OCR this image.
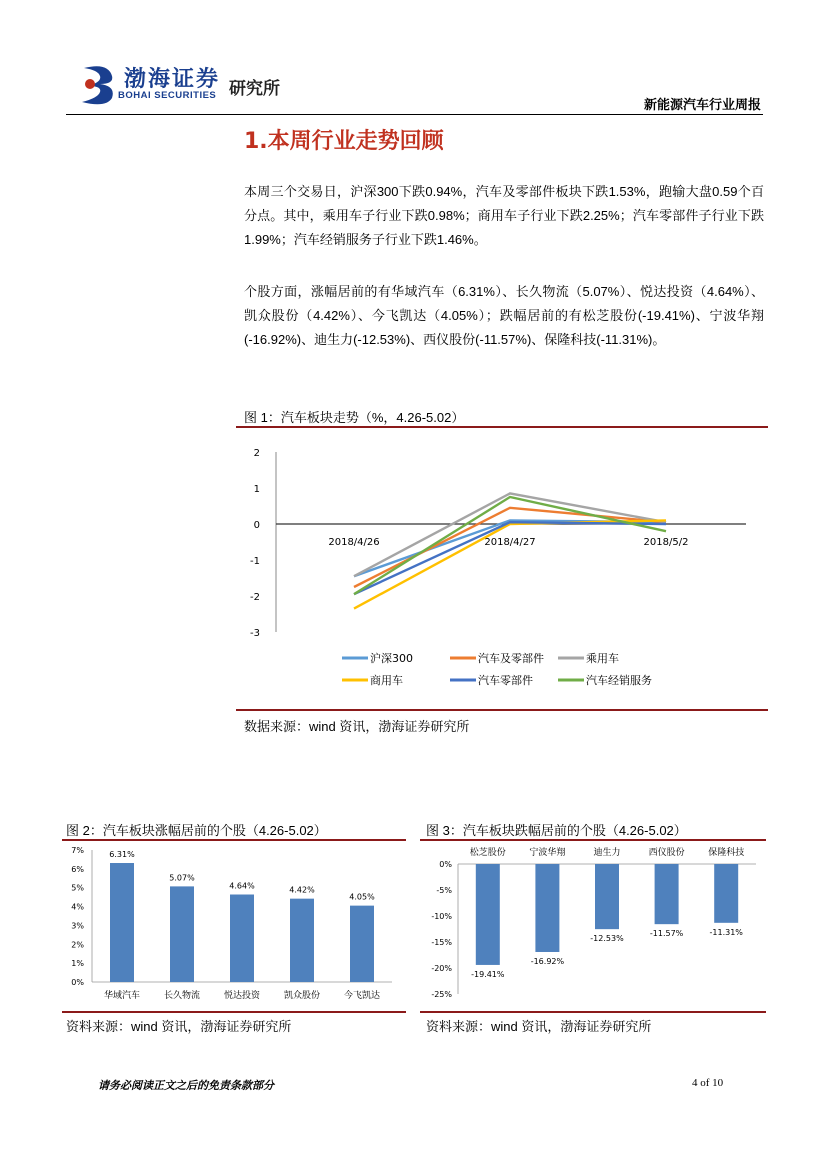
渤海证券
BOHAI SECURITIES 研究所
新能源汽车行业周报
1.本周行业走势回顾
本周三个交易日，沪深300下跌0.94%，汽车及零部件板块下跌1.53%，跑输大盘0.59个百分点。其中，乘用车子行业下跌0.98%；商用车子行业下跌2.25%；汽车零部件子行业下跌1.99%；汽车经销服务子行业下跌1.46%。
个股方面，涨幅居前的有华域汽车（6.31%）、长久物流（5.07%）、悦达投资（4.64%）、凯众股份（4.42%）、今飞凯达（4.05%）；跌幅居前的有松芝股份(-19.41%)、宁波华翔(-16.92%)、迪生力(-12.53%)、西仪股份(-11.57%)、保隆科技(-11.31%)。
图 1：汽车板块走势（%，4.26-5.02）
2
1
0
-1
-2
-3
2018/4/26	2018/4/27	2018/5/2
沪深300	汽车及零部件	乘用车
商用车	汽车零部件	汽车经销服务
数据来源：wind 资讯，渤海证券研究所
图 2：汽车板块涨幅居前的个股（4.26-5.02）
7%
6%
5%
4%
3%
2%
1%
0%
6.31%
华域汽车
5.07%
长久物流
4.64%
悦达投资
4.42%
凯众股份
4.05%
今飞凯达
资料来源：wind 资讯，渤海证券研究所
图 3：汽车板块跌幅居前的个股（4.26-5.02）
0%
-5%
-10%
-15%
-20%
-25%
-19.41%
松芝股份
-16.92%
宁波华翔
-12.53%
迪生力
-11.57%
西仪股份
-11.31%
保隆科技
资料来源：wind 资讯，渤海证券研究所
请务必阅读正文之后的免责条款部分	4 of 10
